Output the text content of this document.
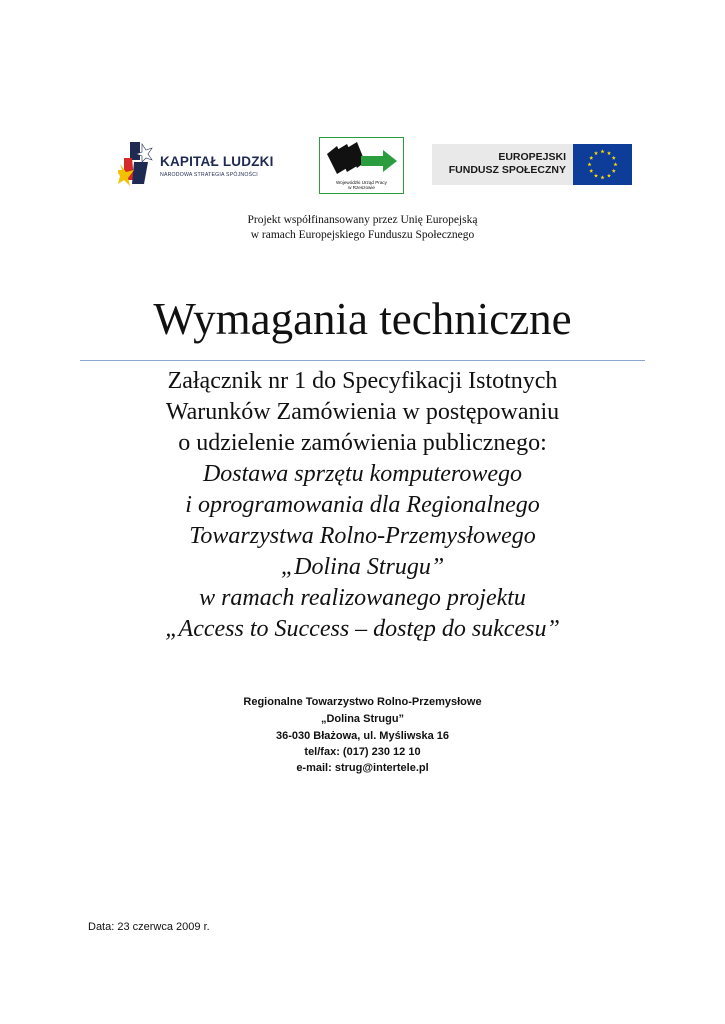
KAPITAŁ LUDZKI
NARODOWA STRATEGIA SPÓJNOŚCI
Wojewódzki Urząd Pracy
w Rzeszowie
EUROPEJSKI
FUNDUSZ SPOŁECZNY
Projekt współfinansowany przez Unię Europejską
w ramach Europejskiego Funduszu Społecznego
Wymagania techniczne
Załącznik nr 1 do Specyfikacji Istotnych
Warunków Zamówienia w postępowaniu
o udzielenie zamówienia publicznego:
Dostawa sprzętu komputerowego
i oprogramowania dla Regionalnego
Towarzystwa Rolno-Przemysłowego
„Dolina Strugu”
w ramach realizowanego projektu
„Access to Success – dostęp do sukcesu”
Regionalne Towarzystwo Rolno-Przemysłowe
„Dolina Strugu”
36-030 Błażowa, ul. Myśliwska 16
tel/fax: (017) 230 12 10
e-mail: strug@intertele.pl
Data: 23 czerwca 2009 r.
